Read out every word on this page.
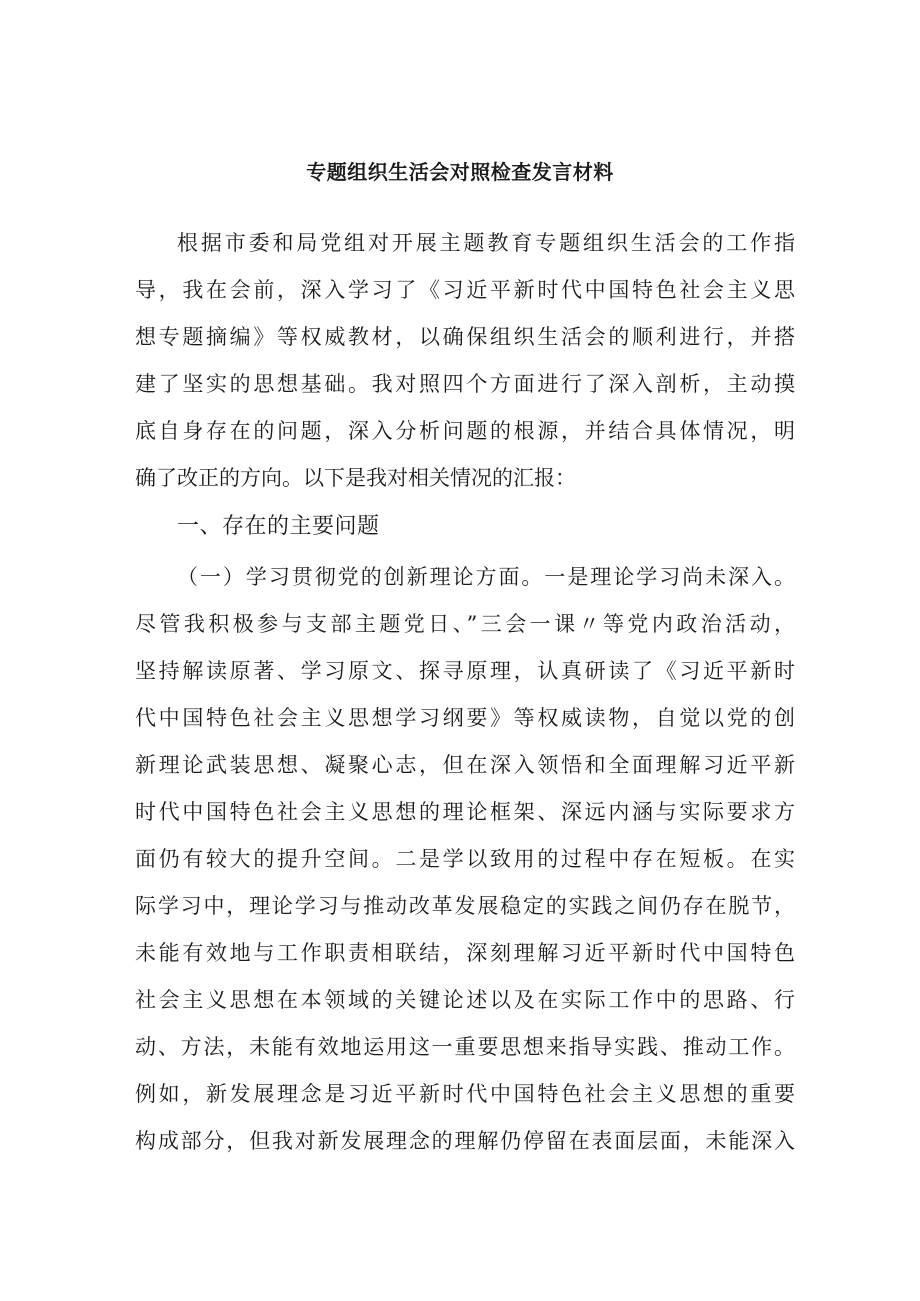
专题组织生活会对照检查发言材料
根据市委和局党组对开展主题教育专题组织生活会的工作指
导，我在会前，深入学习了《习近平新时代中国特色社会主义思
想专题摘编》等权威教材，以确保组织生活会的顺利进行，并搭
建了坚实的思想基础。我对照四个方面进行了深入剖析，主动摸
底自身存在的问题，深入分析问题的根源，并结合具体情况，明
确了改正的方向。以下是我对相关情况的汇报：
一、存在的主要问题
（一）学习贯彻党的创新理论方面。一是理论学习尚未深入。
尽管我积极参与支部主题党日、”三会一课〃等党内政治活动，
坚持解读原著、学习原文、探寻原理，认真研读了《习近平新时
代中国特色社会主义思想学习纲要》等权威读物，自觉以党的创
新理论武装思想、凝聚心志，但在深入领悟和全面理解习近平新
时代中国特色社会主义思想的理论框架、深远内涵与实际要求方
面仍有较大的提升空间。二是学以致用的过程中存在短板。在实
际学习中，理论学习与推动改革发展稳定的实践之间仍存在脱节，
未能有效地与工作职责相联结，深刻理解习近平新时代中国特色
社会主义思想在本领域的关键论述以及在实际工作中的思路、行
动、方法，未能有效地运用这一重要思想来指导实践、推动工作。
例如，新发展理念是习近平新时代中国特色社会主义思想的重要
构成部分，但我对新发展理念的理解仍停留在表面层面，未能深入
